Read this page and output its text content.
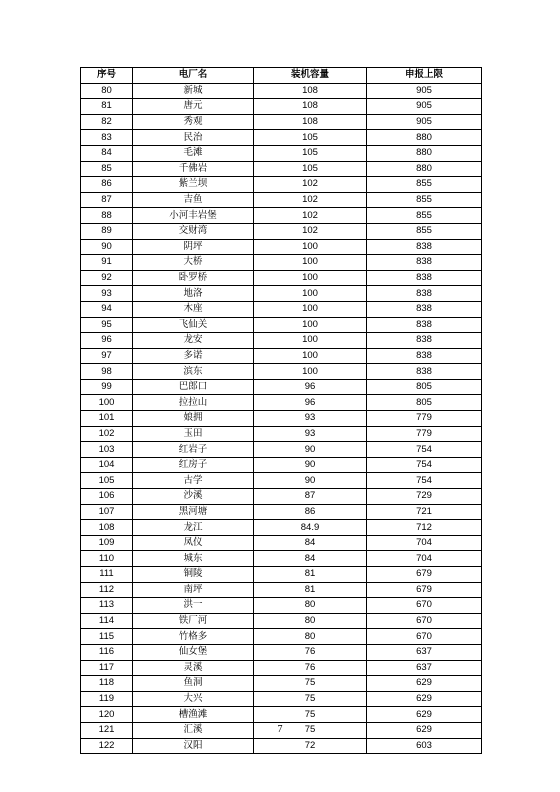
序号	电厂名	装机容量	申报上限
80	新城	108	905
81	唐元	108	905
82	秀观	108	905
83	民治	105	880
84	毛滩	105	880
85	千佛岩	105	880
86	紫兰坝	102	855
87	吉鱼	102	855
88	小河丰岩堡	102	855
89	交财湾	102	855
90	阴坪	100	838
91	大桥	100	838
92	卧罗桥	100	838
93	地洛	100	838
94	木座	100	838
95	飞仙关	100	838
96	龙安	100	838
97	多诺	100	838
98	滨东	100	838
99	巴郎口	96	805
100	拉拉山	96	805
101	娘拥	93	779
102	玉田	93	779
103	红岩子	90	754
104	红房子	90	754
105	古学	90	754
106	沙溪	87	729
107	黑河塘	86	721
108	龙江	84.9	712
109	凤仪	84	704
110	城东	84	704
111	铜陵	81	679
112	南坪	81	679
113	洪一	80	670
114	铁厂河	80	670
115	竹格多	80	670
116	仙女堡	76	637
117	灵溪	76	637
118	鱼洞	75	629
119	大兴	75	629
120	槽渔滩	75	629
121	汇溪	75	629
122	汉阳	72	603
7
